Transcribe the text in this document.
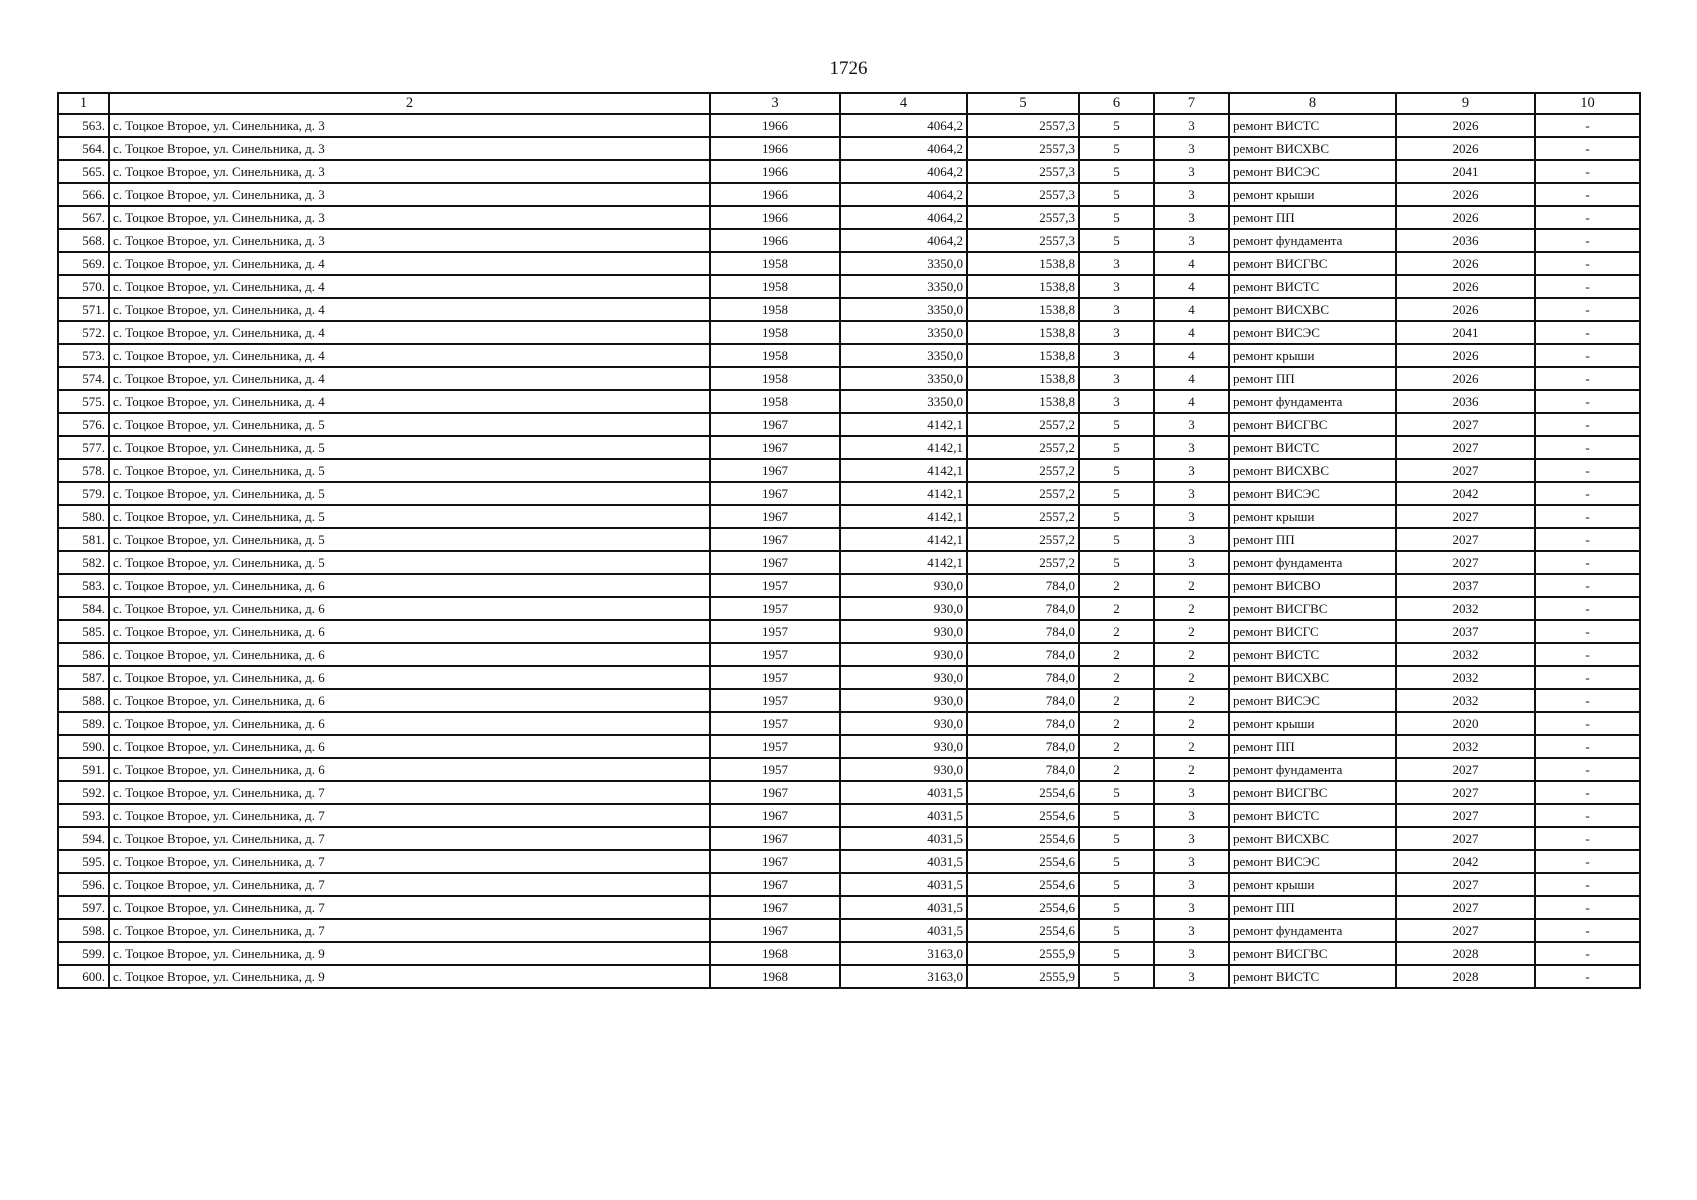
1726
1	2	3	4	5	6	7	8	9	10
563.	с. Тоцкое Второе, ул. Синельника, д. 3	1966	4064,2	2557,3	5	3	ремонт ВИСТС	2026	-
564.	с. Тоцкое Второе, ул. Синельника, д. 3	1966	4064,2	2557,3	5	3	ремонт ВИСХВС	2026	-
565.	с. Тоцкое Второе, ул. Синельника, д. 3	1966	4064,2	2557,3	5	3	ремонт ВИСЭС	2041	-
566.	с. Тоцкое Второе, ул. Синельника, д. 3	1966	4064,2	2557,3	5	3	ремонт крыши	2026	-
567.	с. Тоцкое Второе, ул. Синельника, д. 3	1966	4064,2	2557,3	5	3	ремонт ПП	2026	-
568.	с. Тоцкое Второе, ул. Синельника, д. 3	1966	4064,2	2557,3	5	3	ремонт фундамента	2036	-
569.	с. Тоцкое Второе, ул. Синельника, д. 4	1958	3350,0	1538,8	3	4	ремонт ВИСГВС	2026	-
570.	с. Тоцкое Второе, ул. Синельника, д. 4	1958	3350,0	1538,8	3	4	ремонт ВИСТС	2026	-
571.	с. Тоцкое Второе, ул. Синельника, д. 4	1958	3350,0	1538,8	3	4	ремонт ВИСХВС	2026	-
572.	с. Тоцкое Второе, ул. Синельника, д. 4	1958	3350,0	1538,8	3	4	ремонт ВИСЭС	2041	-
573.	с. Тоцкое Второе, ул. Синельника, д. 4	1958	3350,0	1538,8	3	4	ремонт крыши	2026	-
574.	с. Тоцкое Второе, ул. Синельника, д. 4	1958	3350,0	1538,8	3	4	ремонт ПП	2026	-
575.	с. Тоцкое Второе, ул. Синельника, д. 4	1958	3350,0	1538,8	3	4	ремонт фундамента	2036	-
576.	с. Тоцкое Второе, ул. Синельника, д. 5	1967	4142,1	2557,2	5	3	ремонт ВИСГВС	2027	-
577.	с. Тоцкое Второе, ул. Синельника, д. 5	1967	4142,1	2557,2	5	3	ремонт ВИСТС	2027	-
578.	с. Тоцкое Второе, ул. Синельника, д. 5	1967	4142,1	2557,2	5	3	ремонт ВИСХВС	2027	-
579.	с. Тоцкое Второе, ул. Синельника, д. 5	1967	4142,1	2557,2	5	3	ремонт ВИСЭС	2042	-
580.	с. Тоцкое Второе, ул. Синельника, д. 5	1967	4142,1	2557,2	5	3	ремонт крыши	2027	-
581.	с. Тоцкое Второе, ул. Синельника, д. 5	1967	4142,1	2557,2	5	3	ремонт ПП	2027	-
582.	с. Тоцкое Второе, ул. Синельника, д. 5	1967	4142,1	2557,2	5	3	ремонт фундамента	2027	-
583.	с. Тоцкое Второе, ул. Синельника, д. 6	1957	930,0	784,0	2	2	ремонт ВИСВО	2037	-
584.	с. Тоцкое Второе, ул. Синельника, д. 6	1957	930,0	784,0	2	2	ремонт ВИСГВС	2032	-
585.	с. Тоцкое Второе, ул. Синельника, д. 6	1957	930,0	784,0	2	2	ремонт ВИСГС	2037	-
586.	с. Тоцкое Второе, ул. Синельника, д. 6	1957	930,0	784,0	2	2	ремонт ВИСТС	2032	-
587.	с. Тоцкое Второе, ул. Синельника, д. 6	1957	930,0	784,0	2	2	ремонт ВИСХВС	2032	-
588.	с. Тоцкое Второе, ул. Синельника, д. 6	1957	930,0	784,0	2	2	ремонт ВИСЭС	2032	-
589.	с. Тоцкое Второе, ул. Синельника, д. 6	1957	930,0	784,0	2	2	ремонт крыши	2020	-
590.	с. Тоцкое Второе, ул. Синельника, д. 6	1957	930,0	784,0	2	2	ремонт ПП	2032	-
591.	с. Тоцкое Второе, ул. Синельника, д. 6	1957	930,0	784,0	2	2	ремонт фундамента	2027	-
592.	с. Тоцкое Второе, ул. Синельника, д. 7	1967	4031,5	2554,6	5	3	ремонт ВИСГВС	2027	-
593.	с. Тоцкое Второе, ул. Синельника, д. 7	1967	4031,5	2554,6	5	3	ремонт ВИСТС	2027	-
594.	с. Тоцкое Второе, ул. Синельника, д. 7	1967	4031,5	2554,6	5	3	ремонт ВИСХВС	2027	-
595.	с. Тоцкое Второе, ул. Синельника, д. 7	1967	4031,5	2554,6	5	3	ремонт ВИСЭС	2042	-
596.	с. Тоцкое Второе, ул. Синельника, д. 7	1967	4031,5	2554,6	5	3	ремонт крыши	2027	-
597.	с. Тоцкое Второе, ул. Синельника, д. 7	1967	4031,5	2554,6	5	3	ремонт ПП	2027	-
598.	с. Тоцкое Второе, ул. Синельника, д. 7	1967	4031,5	2554,6	5	3	ремонт фундамента	2027	-
599.	с. Тоцкое Второе, ул. Синельника, д. 9	1968	3163,0	2555,9	5	3	ремонт ВИСГВС	2028	-
600.	с. Тоцкое Второе, ул. Синельника, д. 9	1968	3163,0	2555,9	5	3	ремонт ВИСТС	2028	-
